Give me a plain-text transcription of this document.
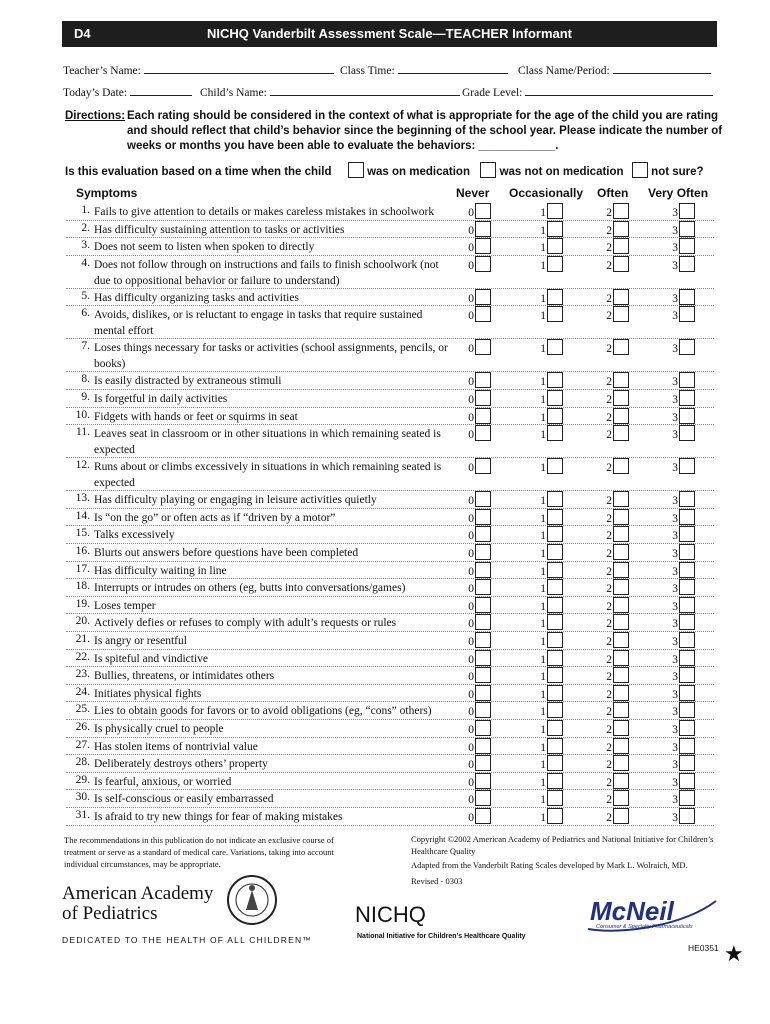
D4	NICHQ Vanderbilt Assessment Scale—TEACHER Informant
Teacher’s Name:	Class Time:	Class Name/Period:
Today’s Date:	Child’s Name:	Grade Level:
Directions: Each rating should be considered in the context of what is appropriate for the age of the child you are rating and should reflect that child’s behavior since the beginning of the school year. Please indicate the number of weeks or months you have been able to evaluate the behaviors: ____________.
Is this evaluation based on a time when the child	was on medication	was not on medication not sure?
Symptoms	Never Occasionally Often Very Often
1. Fails to give attention to details or makes careless mistakes in schoolwork	0	1	2	3
2. Has difficulty sustaining attention to tasks or activities	0	1	2	3
3. Does not seem to listen when spoken to directly	0	1	2	3
4. Does not follow through on instructions and fails to finish schoolwork (not due to oppositional behavior or failure to understand)
0	1	2	3
5. Has difficulty organizing tasks and activities	0	1	2	3
6. Avoids, dislikes, or is reluctant to engage in tasks that require sustained mental effort
0	1	2	3
7. Loses things necessary for tasks or activities (school assignments, pencils, or books)
0	1	2	3
8. Is easily distracted by extraneous stimuli	0	1	2	3
9. Is forgetful in daily activities	0	1	2	3
10. Fidgets with hands or feet or squirms in seat	0	1	2	3
11. Leaves seat in classroom or in other situations in which remaining seated is expected
0	1	2	3
12. Runs about or climbs excessively in situations in which remaining seated is expected
0	1	2	3
13. Has difficulty playing or engaging in leisure activities quietly	0	1	2	3
14. Is “on the go” or often acts as if “driven by a motor”	0	1	2	3
15. Talks excessively	0	1	2	3
16. Blurts out answers before questions have been completed	0	1	2	3
17. Has difficulty waiting in line	0	1	2	3
18. Interrupts or intrudes on others (eg, butts into conversations/games)	0	1	2	3
19. Loses temper	0	1	2	3
20. Actively defies or refuses to comply with adult’s requests or rules	0	1	2	3
21. Is angry or resentful	0	1	2	3
22. Is spiteful and vindictive	0	1	2	3
23. Bullies, threatens, or intimidates others	0	1	2	3
24. Initiates physical fights	0	1	2	3
25. Lies to obtain goods for favors or to avoid obligations (eg, “cons” others)	0	1	2	3
26. Is physically cruel to people	0	1	2	3
27. Has stolen items of nontrivial value	0	1	2	3
28. Deliberately destroys others’ property	0	1	2	3
29. Is fearful, anxious, or worried	0	1	2	3
30. Is self-conscious or easily embarrassed	0	1	2	3
31. Is afraid to try new things for fear of making mistakes	0	1	2	3
The recommendations in this publication do not indicate an exclusive course of treatment or serve as a standard of medical care. Variations, taking into account individual circumstances, may be appropriate.
Copyright ©2002 American Academy of Pediatrics and National Initiative for Children’s Healthcare Quality
Adapted from the Vanderbilt Rating Scales developed by Mark L. Wolraich, MD.
Revised - 0303
American Academy
of Pediatrics
DEDICATED TO THE HEALTH OF ALL CHILDREN™
NICHQ
National Initiative for Children’s Healthcare Quality
McNeil
Consumer & Specialty Pharmaceuticals
HE0351 ★
